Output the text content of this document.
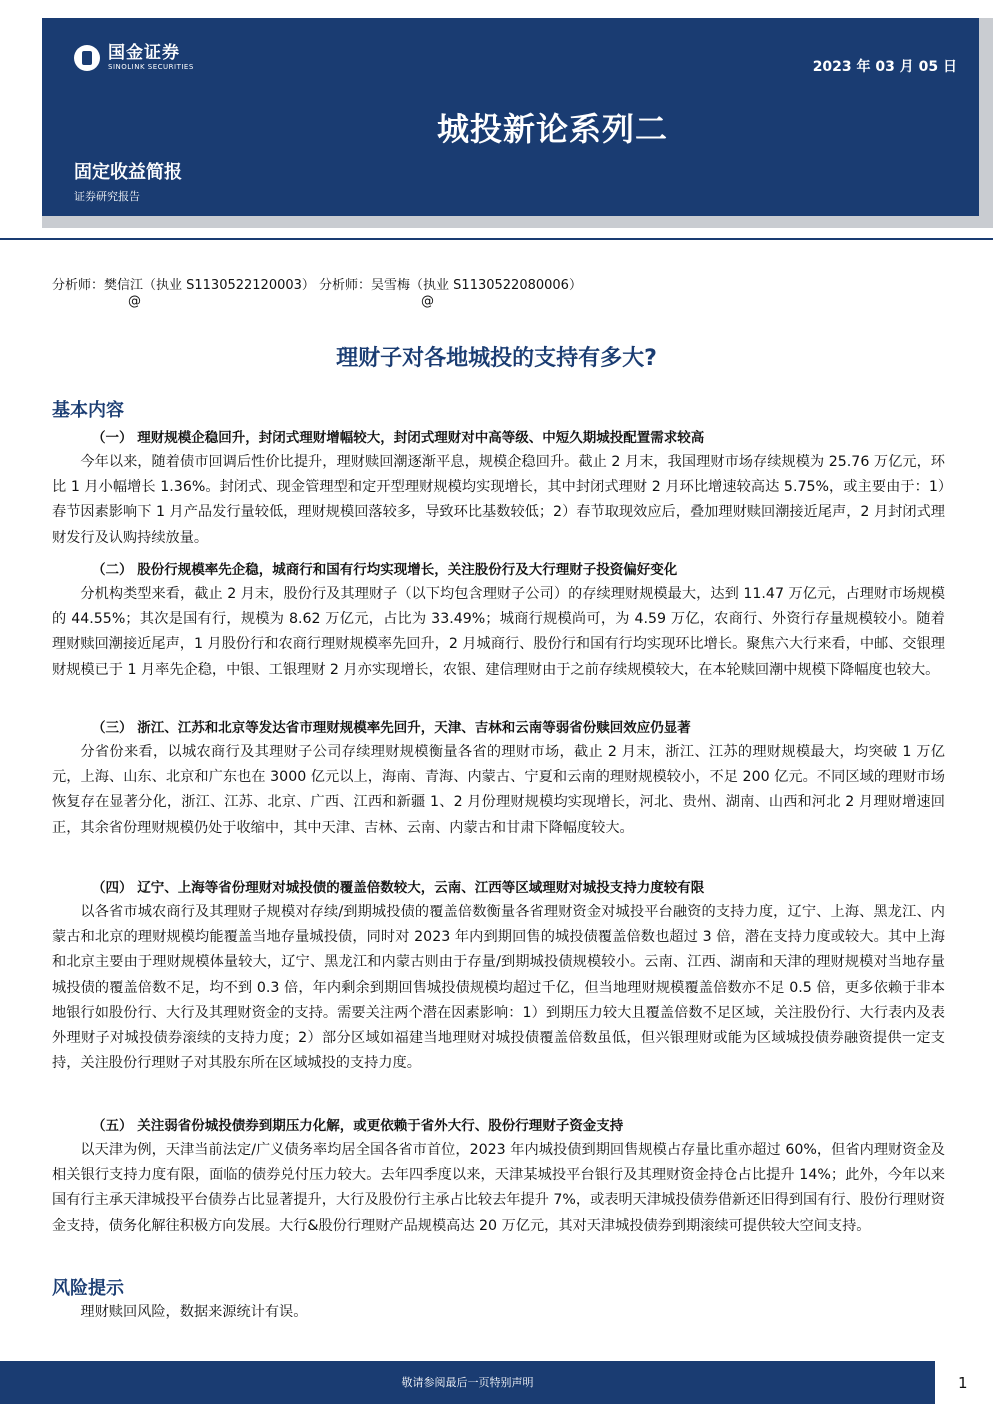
国金证券
SINOLINK SECURITIES	2023 年 03 月 05 日
城投新论系列二
固定收益简报
证券研究报告
分析师：樊信江（执业 S1130522120003） 分析师：吴雪梅（执业 S1130522080006）
@	@
理财子对各地城投的支持有多大?
基本内容
（一） 理财规模企稳回升，封闭式理财增幅较大，封闭式理财对中高等级、中短久期城投配置需求较高
今年以来，随着债市回调后性价比提升，理财赎回潮逐渐平息，规模企稳回升。截止 2 月末，我国理财市场存续规模为 25.76 万亿元，环比 1 月小幅增长 1.36%。封闭式、现金管理型和定开型理财规模均实现增长，其中封闭式理财 2 月环比增速较高达 5.75%，或主要由于：1）春节因素影响下 1 月产品发行量较低，理财规模回落较多，导致环比基数较低；2）春节取现效应后，叠加理财赎回潮接近尾声，2 月封闭式理财发行及认购持续放量。
（二） 股份行规模率先企稳，城商行和国有行均实现增长，关注股份行及大行理财子投资偏好变化
分机构类型来看，截止 2 月末，股份行及其理财子（以下均包含理财子公司）的存续理财规模最大，达到 11.47 万亿元，占理财市场规模的 44.55%；其次是国有行，规模为 8.62 万亿元，占比为 33.49%；城商行规模尚可，为 4.59 万亿，农商行、外资行存量规模较小。随着理财赎回潮接近尾声，1 月股份行和农商行理财规模率先回升，2 月城商行、股份行和国有行均实现环比增长。聚焦六大行来看，中邮、交银理财规模已于 1 月率先企稳，中银、工银理财 2 月亦实现增长，农银、建信理财由于之前存续规模较大，在本轮赎回潮中规模下降幅度也较大。
（三） 浙江、江苏和北京等发达省市理财规模率先回升，天津、吉林和云南等弱省份赎回效应仍显著
分省份来看，以城农商行及其理财子公司存续理财规模衡量各省的理财市场，截止 2 月末，浙江、江苏的理财规模最大，均突破 1 万亿元，上海、山东、北京和广东也在 3000 亿元以上，海南、青海、内蒙古、宁夏和云南的理财规模较小，不足 200 亿元。不同区域的理财市场恢复存在显著分化，浙江、江苏、北京、广西、江西和新疆 1、2 月份理财规模均实现增长，河北、贵州、湖南、山西和河北 2 月理财增速回正，其余省份理财规模仍处于收缩中，其中天津、吉林、云南、内蒙古和甘肃下降幅度较大。
（四） 辽宁、上海等省份理财对城投债的覆盖倍数较大，云南、江西等区域理财对城投支持力度较有限
以各省市城农商行及其理财子规模对存续/到期城投债的覆盖倍数衡量各省理财资金对城投平台融资的支持力度，辽宁、上海、黑龙江、内蒙古和北京的理财规模均能覆盖当地存量城投债，同时对 2023 年内到期回售的城投债覆盖倍数也超过 3 倍，潜在支持力度或较大。其中上海和北京主要由于理财规模体量较大，辽宁、黑龙江和内蒙古则由于存量/到期城投债规模较小。云南、江西、湖南和天津的理财规模对当地存量城投债的覆盖倍数不足，均不到 0.3 倍，年内剩余到期回售城投债规模均超过千亿，但当地理财规模覆盖倍数亦不足 0.5 倍，更多依赖于非本地银行如股份行、大行及其理财资金的支持。需要关注两个潜在因素影响：1）到期压力较大且覆盖倍数不足区域，关注股份行、大行表内及表外理财子对城投债券滚续的支持力度；2）部分区域如福建当地理财对城投债覆盖倍数虽低，但兴银理财或能为区域城投债券融资提供一定支持，关注股份行理财子对其股东所在区域城投的支持力度。
（五） 关注弱省份城投债券到期压力化解，或更依赖于省外大行、股份行理财子资金支持
以天津为例，天津当前法定/广义债务率均居全国各省市首位，2023 年内城投债到期回售规模占存量比重亦超过 60%，但省内理财资金及相关银行支持力度有限，面临的债券兑付压力较大。去年四季度以来，天津某城投平台银行及其理财资金持仓占比提升 14%；此外，今年以来国有行主承天津城投平台债券占比显著提升，大行及股份行主承占比较去年提升 7%，或表明天津城投债券借新还旧得到国有行、股份行理财资金支持，债务化解往积极方向发展。大行&股份行理财产品规模高达 20 万亿元，其对天津城投债券到期滚续可提供较大空间支持。
风险提示
理财赎回风险，数据来源统计有误。
敬请参阅最后一页特别声明	1
